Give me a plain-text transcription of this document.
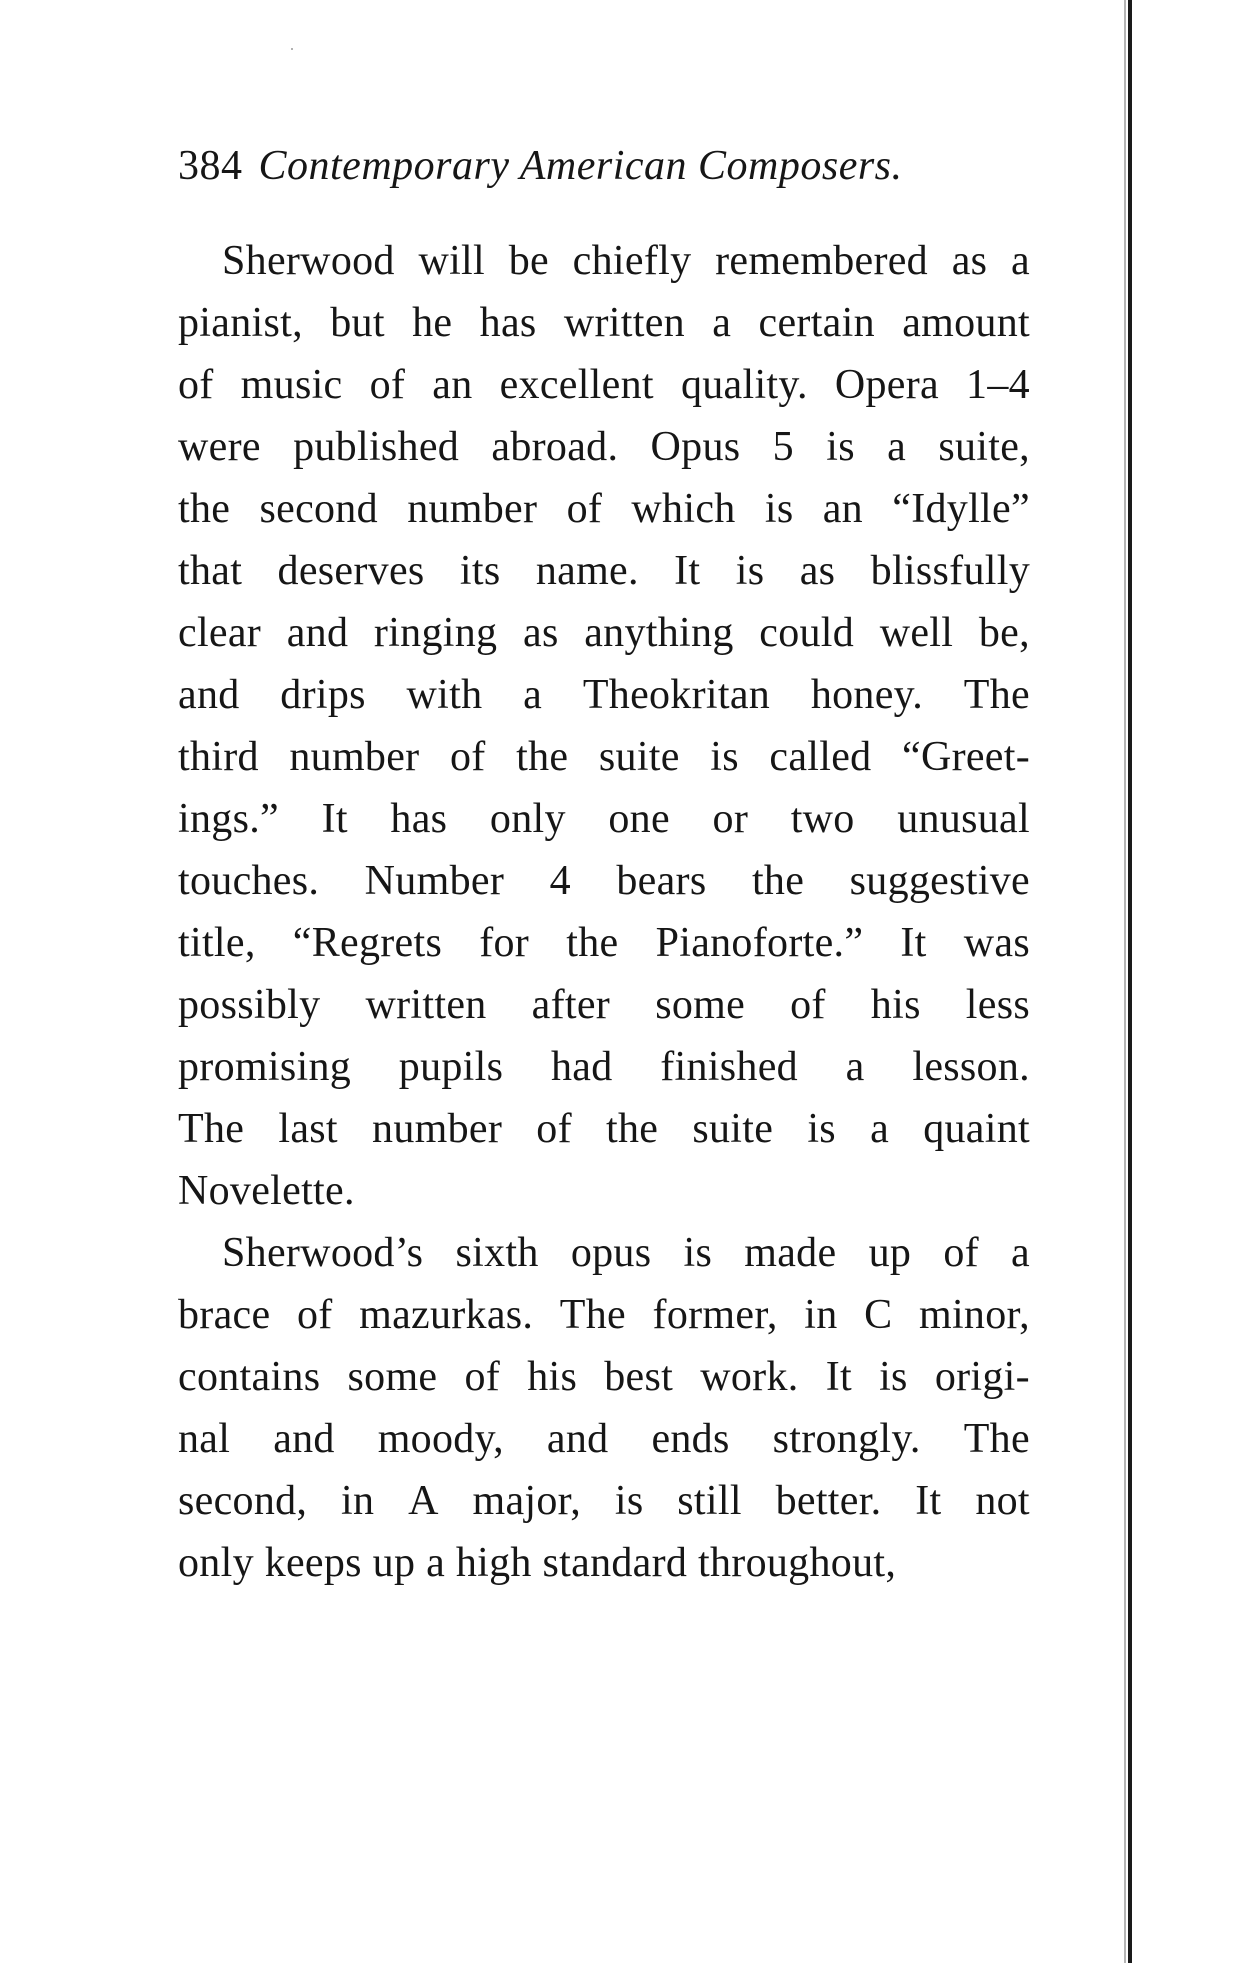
384 Contemporary American Composers.
Sherwood will be chiefly remembered as a
pianist, but he has written a certain amount
of music of an excellent quality. Opera 1–4
were published abroad. Opus 5 is a suite,
the second number of which is an “Idylle”
that deserves its name. It is as blissfully
clear and ringing as anything could well be,
and drips with a Theokritan honey. The
third number of the suite is called “Greet-
ings.” It has only one or two unusual
touches. Number 4 bears the suggestive
title, “Regrets for the Pianoforte.” It was
possibly written after some of his less
promising pupils had finished a lesson.
The last number of the suite is a quaint
Novelette.
Sherwood’s sixth opus is made up of a
brace of mazurkas. The former, in C minor,
contains some of his best work. It is origi-
nal and moody, and ends strongly. The
second, in A major, is still better. It not
only keeps up a high standard throughout,
